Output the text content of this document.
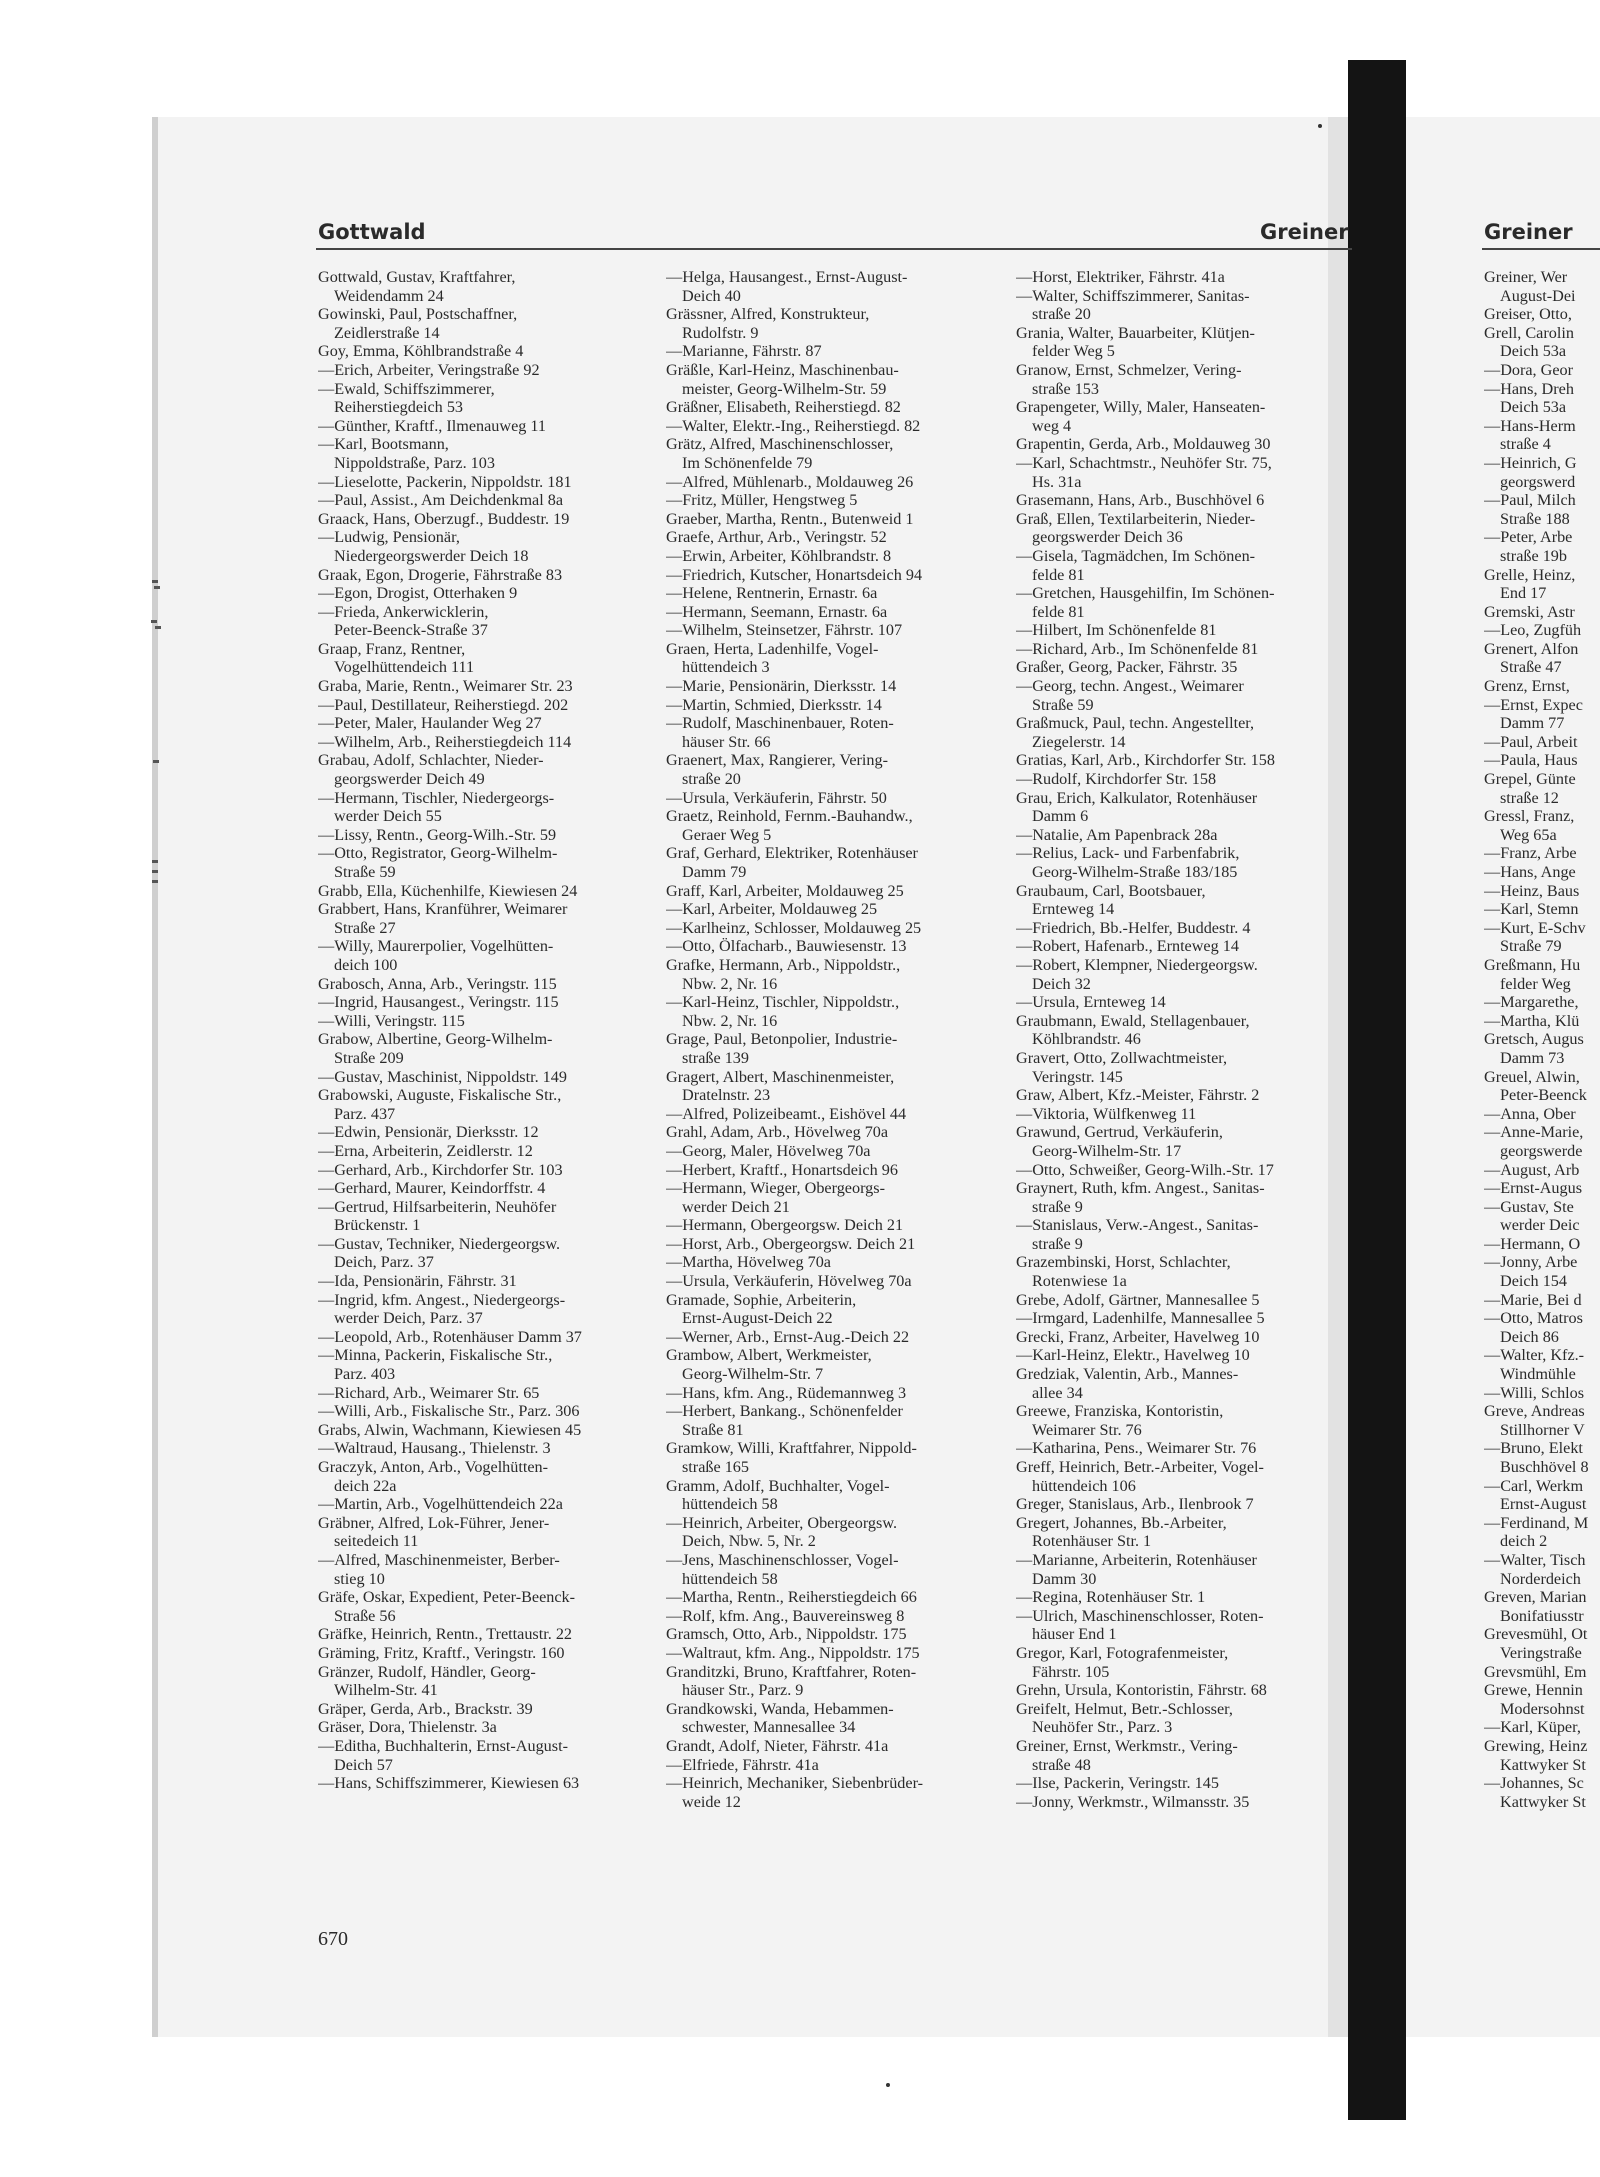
Gottwald	Greiner	Greiner
Gottwald, Gustav, Kraftfahrer,
Weidendamm 24
Gowinski, Paul, Postschaffner,
Zeidlerstraße 14
Goy, Emma, Köhlbrandstraße 4
—Erich, Arbeiter, Veringstraße 92
—Ewald, Schiffszimmerer,
Reiherstiegdeich 53
—Günther, Kraftf., Ilmenauweg 11
—Karl, Bootsmann,
Nippoldstraße, Parz. 103
—Lieselotte, Packerin, Nippoldstr. 181
—Paul, Assist., Am Deichdenkmal 8a
Graack, Hans, Oberzugf., Buddestr. 19
—Ludwig, Pensionär,
Niedergeorgswerder Deich 18
Graak, Egon, Drogerie, Fährstraße 83
—Egon, Drogist, Otterhaken 9
—Frieda, Ankerwicklerin,
Peter-Beenck-Straße 37
Graap, Franz, Rentner,
Vogelhüttendeich 111
Graba, Marie, Rentn., Weimarer Str. 23
—Paul, Destillateur, Reiherstiegd. 202
—Peter, Maler, Haulander Weg 27
—Wilhelm, Arb., Reiherstiegdeich 114
Grabau, Adolf, Schlachter, Nieder-
georgswerder Deich 49
—Hermann, Tischler, Niedergeorgs-
werder Deich 55
—Lissy, Rentn., Georg-Wilh.-Str. 59
—Otto, Registrator, Georg-Wilhelm-
Straße 59
Grabb, Ella, Küchenhilfe, Kiewiesen 24
Grabbert, Hans, Kranführer, Weimarer
Straße 27
—Willy, Maurerpolier, Vogelhütten-
deich 100
Grabosch, Anna, Arb., Veringstr. 115
—Ingrid, Hausangest., Veringstr. 115
—Willi, Veringstr. 115
Grabow, Albertine, Georg-Wilhelm-
Straße 209
—Gustav, Maschinist, Nippoldstr. 149
Grabowski, Auguste, Fiskalische Str.,
Parz. 437
—Edwin, Pensionär, Dierksstr. 12
—Erna, Arbeiterin, Zeidlerstr. 12
—Gerhard, Arb., Kirchdorfer Str. 103
—Gerhard, Maurer, Keindorffstr. 4
—Gertrud, Hilfsarbeiterin, Neuhöfer
Brückenstr. 1
—Gustav, Techniker, Niedergeorgsw.
Deich, Parz. 37
—Ida, Pensionärin, Fährstr. 31
—Ingrid, kfm. Angest., Niedergeorgs-
werder Deich, Parz. 37
—Leopold, Arb., Rotenhäuser Damm 37
—Minna, Packerin, Fiskalische Str.,
Parz. 403
—Richard, Arb., Weimarer Str. 65
—Willi, Arb., Fiskalische Str., Parz. 306
Grabs, Alwin, Wachmann, Kiewiesen 45
—Waltraud, Hausang., Thielenstr. 3
Graczyk, Anton, Arb., Vogelhütten-
deich 22a
—Martin, Arb., Vogelhüttendeich 22a
Gräbner, Alfred, Lok-Führer, Jener-
seitedeich 11
—Alfred, Maschinenmeister, Berber-
stieg 10
Gräfe, Oskar, Expedient, Peter-Beenck-
Straße 56
Gräfke, Heinrich, Rentn., Trettaustr. 22
Gräming, Fritz, Kraftf., Veringstr. 160
Gränzer, Rudolf, Händler, Georg-
Wilhelm-Str. 41
Gräper, Gerda, Arb., Brackstr. 39
Gräser, Dora, Thielenstr. 3a
—Editha, Buchhalterin, Ernst-August-
Deich 57
—Hans, Schiffszimmerer, Kiewiesen 63
—Helga, Hausangest., Ernst-August-
Deich 40
Grässner, Alfred, Konstrukteur,
Rudolfstr. 9
—Marianne, Fährstr. 87
Gräßle, Karl-Heinz, Maschinenbau-
meister, Georg-Wilhelm-Str. 59
Gräßner, Elisabeth, Reiherstiegd. 82
—Walter, Elektr.-Ing., Reiherstiegd. 82
Grätz, Alfred, Maschinenschlosser,
Im Schönenfelde 79
—Alfred, Mühlenarb., Moldauweg 26
—Fritz, Müller, Hengstweg 5
Graeber, Martha, Rentn., Butenweid 1
Graefe, Arthur, Arb., Veringstr. 52
—Erwin, Arbeiter, Köhlbrandstr. 8
—Friedrich, Kutscher, Honartsdeich 94
—Helene, Rentnerin, Ernastr. 6a
—Hermann, Seemann, Ernastr. 6a
—Wilhelm, Steinsetzer, Fährstr. 107
Graen, Herta, Ladenhilfe, Vogel-
hüttendeich 3
—Marie, Pensionärin, Dierksstr. 14
—Martin, Schmied, Dierksstr. 14
—Rudolf, Maschinenbauer, Roten-
häuser Str. 66
Graenert, Max, Rangierer, Vering-
straße 20
—Ursula, Verkäuferin, Fährstr. 50
Graetz, Reinhold, Fernm.-Bauhandw.,
Geraer Weg 5
Graf, Gerhard, Elektriker, Rotenhäuser
Damm 79
Graff, Karl, Arbeiter, Moldauweg 25
—Karl, Arbeiter, Moldauweg 25
—Karlheinz, Schlosser, Moldauweg 25
—Otto, Ölfacharb., Bauwiesenstr. 13
Grafke, Hermann, Arb., Nippoldstr.,
Nbw. 2, Nr. 16
—Karl-Heinz, Tischler, Nippoldstr.,
Nbw. 2, Nr. 16
Grage, Paul, Betonpolier, Industrie-
straße 139
Gragert, Albert, Maschinenmeister,
Dratelnstr. 23
—Alfred, Polizeibeamt., Eishövel 44
Grahl, Adam, Arb., Hövelweg 70a
—Georg, Maler, Hövelweg 70a
—Herbert, Kraftf., Honartsdeich 96
—Hermann, Wieger, Obergeorgs-
werder Deich 21
—Hermann, Obergeorgsw. Deich 21
—Horst, Arb., Obergeorgsw. Deich 21
—Martha, Hövelweg 70a
—Ursula, Verkäuferin, Hövelweg 70a
Gramade, Sophie, Arbeiterin,
Ernst-August-Deich 22
—Werner, Arb., Ernst-Aug.-Deich 22
Grambow, Albert, Werkmeister,
Georg-Wilhelm-Str. 7
—Hans, kfm. Ang., Rüdemannweg 3
—Herbert, Bankang., Schönenfelder
Straße 81
Gramkow, Willi, Kraftfahrer, Nippold-
straße 165
Gramm, Adolf, Buchhalter, Vogel-
hüttendeich 58
—Heinrich, Arbeiter, Obergeorgsw.
Deich, Nbw. 5, Nr. 2
—Jens, Maschinenschlosser, Vogel-
hüttendeich 58
—Martha, Rentn., Reiherstiegdeich 66
—Rolf, kfm. Ang., Bauvereinsweg 8
Gramsch, Otto, Arb., Nippoldstr. 175
—Waltraut, kfm. Ang., Nippoldstr. 175
Granditzki, Bruno, Kraftfahrer, Roten-
häuser Str., Parz. 9
Grandkowski, Wanda, Hebammen-
schwester, Mannesallee 34
Grandt, Adolf, Nieter, Fährstr. 41a
—Elfriede, Fährstr. 41a
—Heinrich, Mechaniker, Siebenbrüder-
weide 12
—Horst, Elektriker, Fährstr. 41a
—Walter, Schiffszimmerer, Sanitas-
straße 20
Grania, Walter, Bauarbeiter, Klütjen-
felder Weg 5
Granow, Ernst, Schmelzer, Vering-
straße 153
Grapengeter, Willy, Maler, Hanseaten-
weg 4
Grapentin, Gerda, Arb., Moldauweg 30
—Karl, Schachtmstr., Neuhöfer Str. 75,
Hs. 31a
Grasemann, Hans, Arb., Buschhövel 6
Graß, Ellen, Textilarbeiterin, Nieder-
georgswerder Deich 36
—Gisela, Tagmädchen, Im Schönen-
felde 81
—Gretchen, Hausgehilfin, Im Schönen-
felde 81
—Hilbert, Im Schönenfelde 81
—Richard, Arb., Im Schönenfelde 81
Graßer, Georg, Packer, Fährstr. 35
—Georg, techn. Angest., Weimarer
Straße 59
Graßmuck, Paul, techn. Angestellter,
Ziegelerstr. 14
Gratias, Karl, Arb., Kirchdorfer Str. 158
—Rudolf, Kirchdorfer Str. 158
Grau, Erich, Kalkulator, Rotenhäuser
Damm 6
—Natalie, Am Papenbrack 28a
—Relius, Lack- und Farbenfabrik,
Georg-Wilhelm-Straße 183/185
Graubaum, Carl, Bootsbauer,
Ernteweg 14
—Friedrich, Bb.-Helfer, Buddestr. 4
—Robert, Hafenarb., Ernteweg 14
—Robert, Klempner, Niedergeorgsw.
Deich 32
—Ursula, Ernteweg 14
Graubmann, Ewald, Stellagenbauer,
Köhlbrandstr. 46
Gravert, Otto, Zollwachtmeister,
Veringstr. 145
Graw, Albert, Kfz.-Meister, Fährstr. 2
—Viktoria, Wülfkenweg 11
Grawund, Gertrud, Verkäuferin,
Georg-Wilhelm-Str. 17
—Otto, Schweißer, Georg-Wilh.-Str. 17
Graynert, Ruth, kfm. Angest., Sanitas-
straße 9
—Stanislaus, Verw.-Angest., Sanitas-
straße 9
Grazembinski, Horst, Schlachter,
Rotenwiese 1a
Grebe, Adolf, Gärtner, Mannesallee 5
—Irmgard, Ladenhilfe, Mannesallee 5
Grecki, Franz, Arbeiter, Havelweg 10
—Karl-Heinz, Elektr., Havelweg 10
Gredziak, Valentin, Arb., Mannes-
allee 34
Greewe, Franziska, Kontoristin,
Weimarer Str. 76
—Katharina, Pens., Weimarer Str. 76
Greff, Heinrich, Betr.-Arbeiter, Vogel-
hüttendeich 106
Greger, Stanislaus, Arb., Ilenbrook 7
Gregert, Johannes, Bb.-Arbeiter,
Rotenhäuser Str. 1
—Marianne, Arbeiterin, Rotenhäuser
Damm 30
—Regina, Rotenhäuser Str. 1
—Ulrich, Maschinenschlosser, Roten-
häuser End 1
Gregor, Karl, Fotografenmeister,
Fährstr. 105
Grehn, Ursula, Kontoristin, Fährstr. 68
Greifelt, Helmut, Betr.-Schlosser,
Neuhöfer Str., Parz. 3
Greiner, Ernst, Werkmstr., Vering-
straße 48
—Ilse, Packerin, Veringstr. 145
—Jonny, Werkmstr., Wilmansstr. 35
Greiner, Wer
August-Dei
Greiser, Otto,
Grell, Carolin
Deich 53a
—Dora, Geor
—Hans, Dreh
Deich 53a
—Hans-Herm
straße 4
—Heinrich, G
georgswerd
—Paul, Milch
Straße 188
—Peter, Arbe
straße 19b
Grelle, Heinz,
End 17
Gremski, Astr
—Leo, Zugfüh
Grenert, Alfon
Straße 47
Grenz, Ernst,
—Ernst, Expec
Damm 77
—Paul, Arbeit
—Paula, Haus
Grepel, Günte
straße 12
Gressl, Franz,
Weg 65a
—Franz, Arbe
—Hans, Ange
—Heinz, Baus
—Karl, Stemn
—Kurt, E-Schv
Straße 79
Greßmann, Hu
felder Weg
—Margarethe,
—Martha, Klü
Gretsch, Augus
Damm 73
Greuel, Alwin,
Peter-Beenck
—Anna, Ober
—Anne-Marie,
georgswerde
—August, Arb
—Ernst-Augus
—Gustav, Ste
werder Deic
—Hermann, O
—Jonny, Arbe
Deich 154
—Marie, Bei d
—Otto, Matros
Deich 86
—Walter, Kfz.-
Windmühle
—Willi, Schlos
Greve, Andreas
Stillhorner V
—Bruno, Elekt
Buschhövel 8
—Carl, Werkm
Ernst-August
—Ferdinand, M
deich 2
—Walter, Tisch
Norderdeich
Greven, Marian
Bonifatiusstr
Grevesmühl, Ot
Veringstraße
Grevsmühl, Em
Grewe, Hennin
Modersohnst
—Karl, Küper,
Grewing, Heinz
Kattwyker St
—Johannes, Sc
Kattwyker St
670
